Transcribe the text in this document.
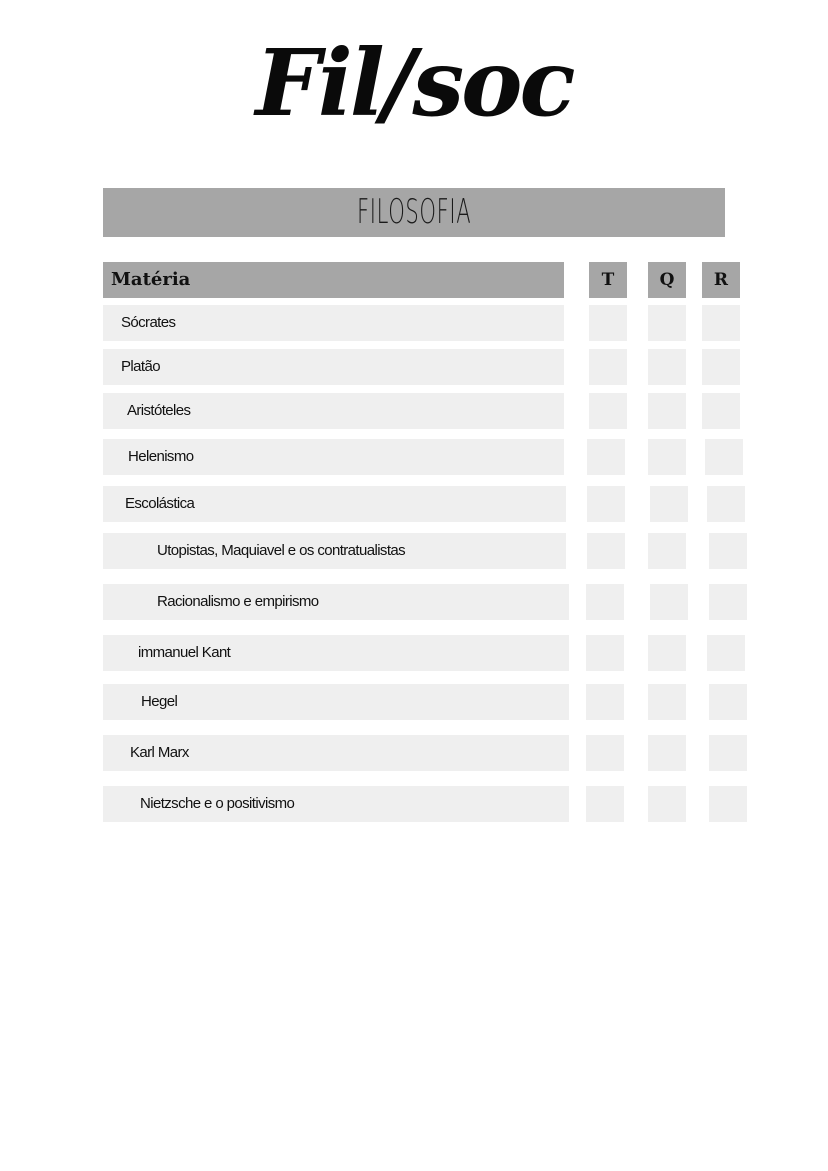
Fil/soc
FILOSOFIA
Matéria	T	Q	R
Sócrates
Platão
Aristóteles
Helenismo
Escolástica
Utopistas, Maquiavel e os contratualistas
Racionalismo e empirismo
immanuel Kant
Hegel
Karl Marx
Nietzsche e o positivismo
